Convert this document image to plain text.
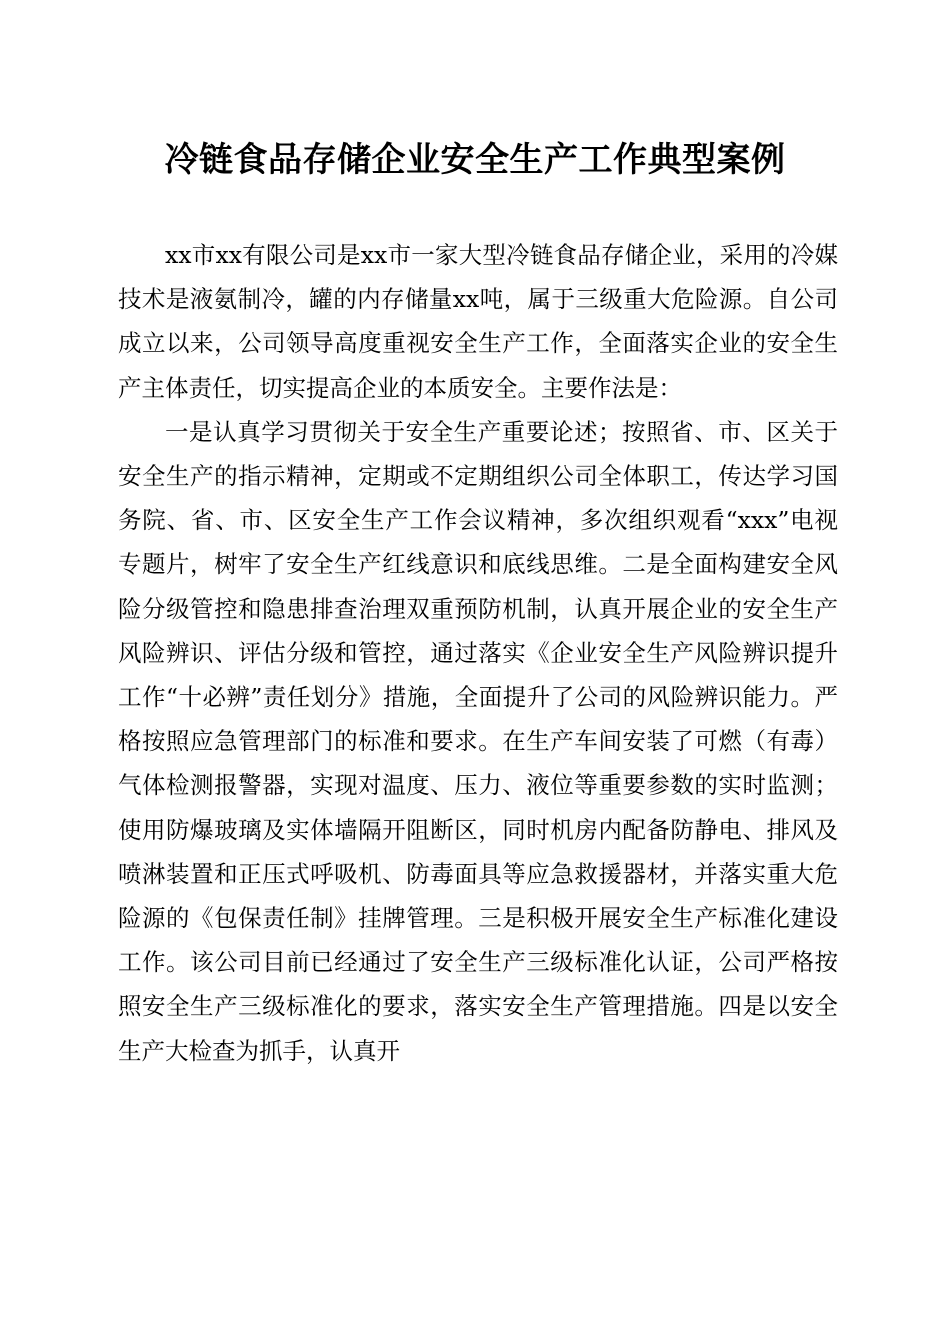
冷链食品存储企业安全生产工作典型案例

xx市xx有限公司是xx市一家大型冷链食品存储企业，采用的冷媒技术是液氨制冷，罐的内存储量xx吨，属于三级重大危险源。自公司成立以来，公司领导高度重视安全生产工作，全面落实企业的安全生产主体责任，切实提高企业的本质安全。主要作法是：

一是认真学习贯彻关于安全生产重要论述；按照省、市、区关于安全生产的指示精神，定期或不定期组织公司全体职工，传达学习国务院、省、市、区安全生产工作会议精神，多次组织观看“xxx”电视专题片，树牢了安全生产红线意识和底线思维。二是全面构建安全风险分级管控和隐患排查治理双重预防机制，认真开展企业的安全生产风险辨识、评估分级和管控，通过落实《企业安全生产风险辨识提升工作“十必辨”责任划分》措施，全面提升了公司的风险辨识能力。严格按照应急管理部门的标准和要求。在生产车间安装了可燃（有毒）气体检测报警器，实现对温度、压力、液位等重要参数的实时监测；使用防爆玻璃及实体墙隔开阻断区，同时机房内配备防静电、排风及喷淋装置和正压式呼吸机、防毒面具等应急救援器材，并落实重大危险源的《包保责任制》挂牌管理。三是积极开展安全生产标准化建设工作。该公司目前已经通过了安全生产三级标准化认证，公司严格按照安全生产三级标准化的要求，落实安全生产管理措施。四是以安全生产大检查为抓手，认真开
